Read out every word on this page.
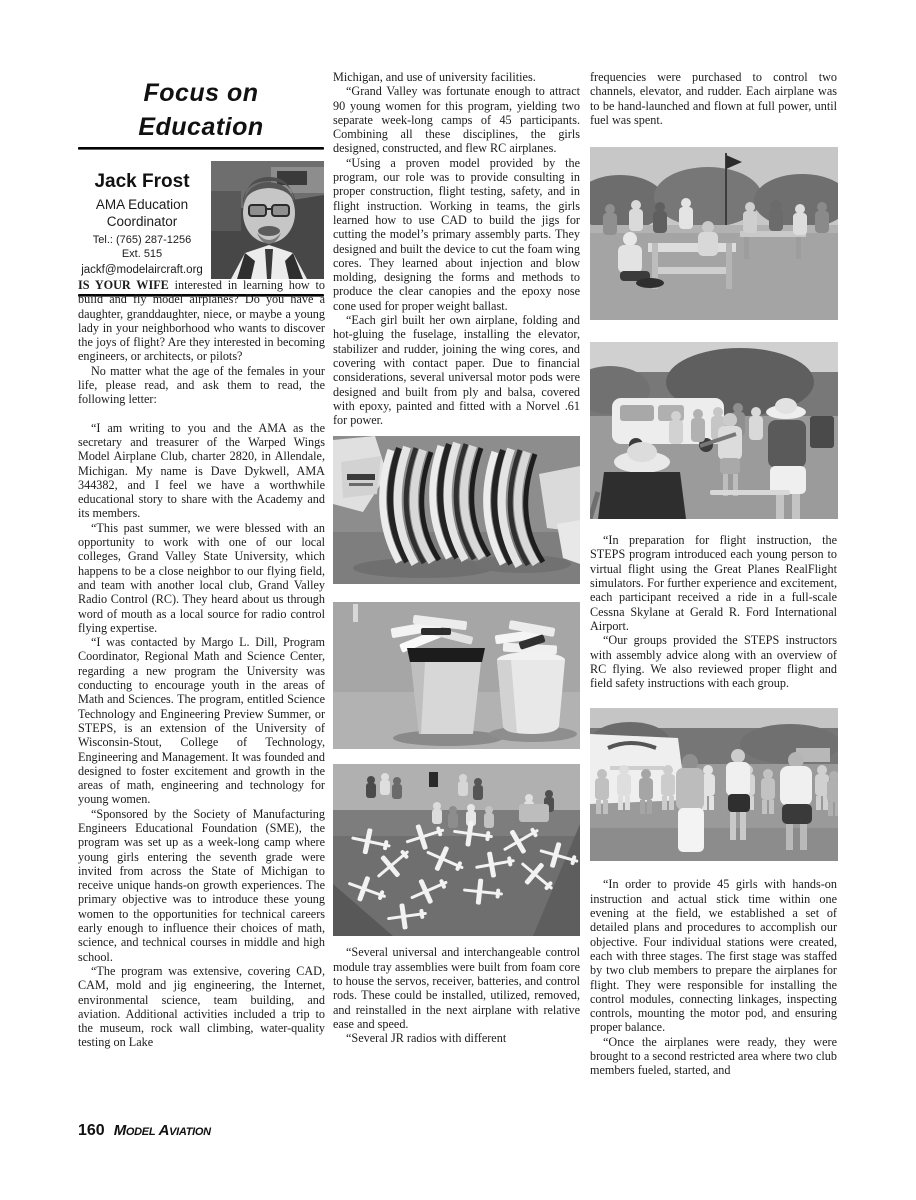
Focus on Education
Jack Frost
AMA Education
Coordinator
Tel.: (765) 287-1256
Ext. 515
jackf@modelaircraft.org

IS YOUR WIFE interested in learning how to build and fly model airplanes? Do you have a daughter, granddaughter, niece, or maybe a young lady in your neighborhood who wants to discover the joys of flight? Are they interested in becoming engineers, or architects, or pilots?

No matter what the age of the females in your life, please read, and ask them to read, the following letter:

“I am writing to you and the AMA as the secretary and treasurer of the Warped Wings Model Airplane Club, charter 2820, in Allendale, Michigan. My name is Dave Dykwell, AMA 344382, and I feel we have a worthwhile educational story to share with the Academy and its members.

“This past summer, we were blessed with an opportunity to work with one of our local colleges, Grand Valley State University, which happens to be a close neighbor to our flying field, and team with another local club, Grand Valley Radio Control (RC). They heard about us through word of mouth as a local source for radio control flying expertise.

“I was contacted by Margo L. Dill, Program Coordinator, Regional Math and Science Center, regarding a new program the University was conducting to encourage youth in the areas of Math and Sciences. The program, entitled Science Technology and Engineering Preview Summer, or STEPS, is an extension of the University of Wisconsin-Stout, College of Technology, Engineering and Management. It was founded and designed to foster excitement and growth in the areas of math, engineering and technology for young women.

“Sponsored by the Society of Manufacturing Engineers Educational Foundation (SME), the program was set up as a week-long camp where young girls entering the seventh grade were invited from across the State of Michigan to receive unique hands-on growth experiences. The primary objective was to introduce these young women to the opportunities for technical careers early enough to influence their choices of math, science, and technical courses in middle and high school.

“The program was extensive, covering CAD, CAM, mold and jig engineering, the Internet, environmental science, team building, and aviation. Additional activities included a trip to the museum, rock wall climbing, water-quality testing on Lake

Michigan, and use of university facilities.

“Grand Valley was fortunate enough to attract 90 young women for this program, yielding two separate week-long camps of 45 participants. Combining all these disciplines, the girls designed, constructed, and flew RC airplanes.

“Using a proven model provided by the program, our role was to provide consulting in proper construction, flight testing, safety, and in flight instruction. Working in teams, the girls learned how to use CAD to build the jigs for cutting the model’s primary assembly parts. They designed and built the device to cut the foam wing cores. They learned about injection and blow molding, designing the forms and methods to produce the clear canopies and the epoxy nose cone used for proper weight ballast.

“Each girl built her own airplane, folding and hot-gluing the fuselage, installing the elevator, stabilizer and rudder, joining the wing cores, and covering with contact paper. Due to financial considerations, several universal motor pods were designed and built from ply and balsa, covered with epoxy, painted and fitted with a Norvel .61 for power.

“Several universal and interchangeable control module tray assemblies were built from foam core to house the servos, receiver, batteries, and control rods. These could be installed, utilized, removed, and reinstalled in the next airplane with relative ease and speed.

“Several JR radios with different

frequencies were purchased to control two channels, elevator, and rudder. Each airplane was to be hand-launched and flown at full power, until fuel was spent.

“In preparation for flight instruction, the STEPS program introduced each young person to virtual flight using the Great Planes RealFlight simulators. For further experience and excitement, each participant received a ride in a full-scale Cessna Skylane at Gerald R. Ford International Airport.

“Our groups provided the STEPS instructors with assembly advice along with an overview of RC flying. We also reviewed proper flight and field safety instructions with each group.

“In order to provide 45 girls with hands-on instruction and actual stick time within one evening at the field, we established a set of detailed plans and procedures to accomplish our objective. Four individual stations were created, each with three stages. The first stage was staffed by two club members to prepare the airplanes for flight. They were responsible for installing the control modules, connecting linkages, inspecting controls, mounting the motor pod, and ensuring proper balance.

“Once the airplanes were ready, they were brought to a second restricted area where two club members fueled, started, and

160 Model Aviation
